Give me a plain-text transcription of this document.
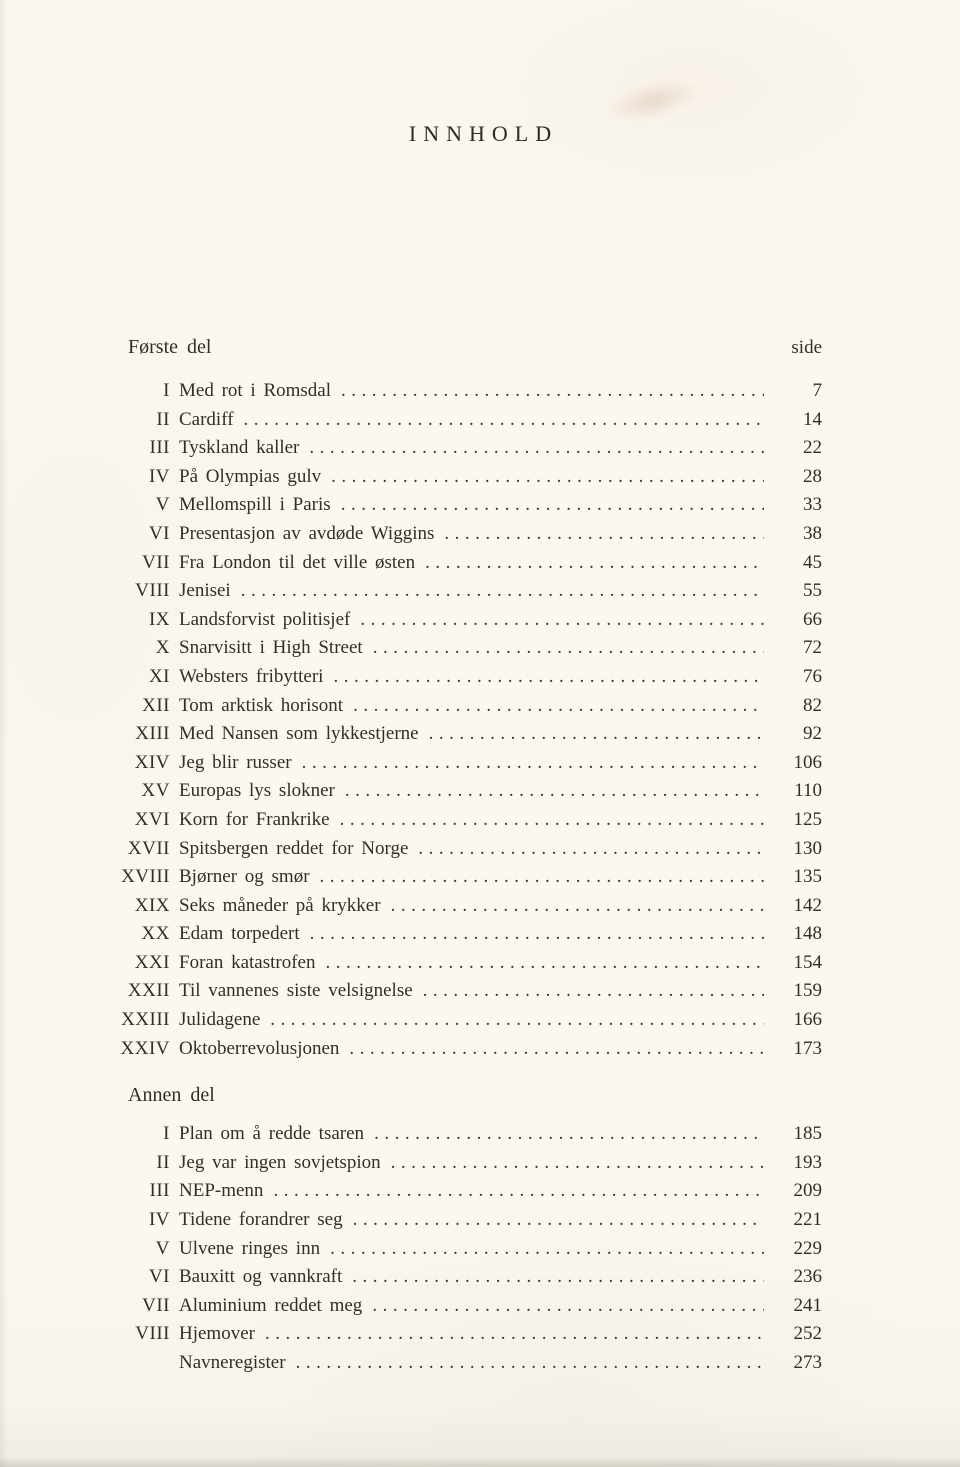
INNHOLD
Første del	side
I Med rot i Romsdal .....	7
II Cardiff .....	14
III Tyskland kaller .....	22
IV På Olympias gulv .....	28
V Mellomspill i Paris .....	33
VI Presentasjon av avdøde Wiggins .....	38
VII Fra London til det ville østen .....	45
VIII Jenisei .....	55
IX Landsforvist politisjef .....	66
X Snarvisitt i High Street .....	72
XI Websters fribytteri .....	76
XII Tom arktisk horisont .....	82
XIII Med Nansen som lykkestjerne .....	92
XIV Jeg blir russer .....	106
XV Europas lys slokner .....	110
XVI Korn for Frankrike .....	125
XVII Spitsbergen reddet for Norge .....	130
XVIII Bjørner og smør .....	135
XIX Seks måneder på krykker .....	142
XX Edam torpedert .....	148
XXI Foran katastrofen .....	154
XXII Til vannenes siste velsignelse .....	159
XXIII Julidagene .....	166
XXIV Oktoberrevolusjonen .....	173
Annen del
I Plan om å redde tsaren .....	185
II Jeg var ingen sovjetspion .....	193
III NEP-menn .....	209
IV Tidene forandrer seg .....	221
V Ulvene ringes inn .....	229
VI Bauxitt og vannkraft .....	236
VII Aluminium reddet meg .....	241
VIII Hjemover .....	252
Navneregister .....	273
